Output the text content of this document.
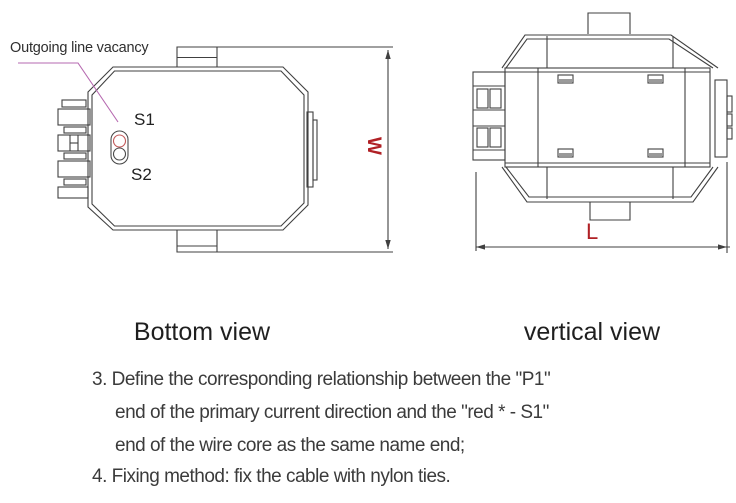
Outgoing line vacancy
S1
S2
W
L
Bottom view	vertical view
3. Define the corresponding relationship between the "P1"
end of the primary current direction and the "red * - S1"
end of the wire core as the same name end;
4. Fixing method: fix the cable with nylon ties.
